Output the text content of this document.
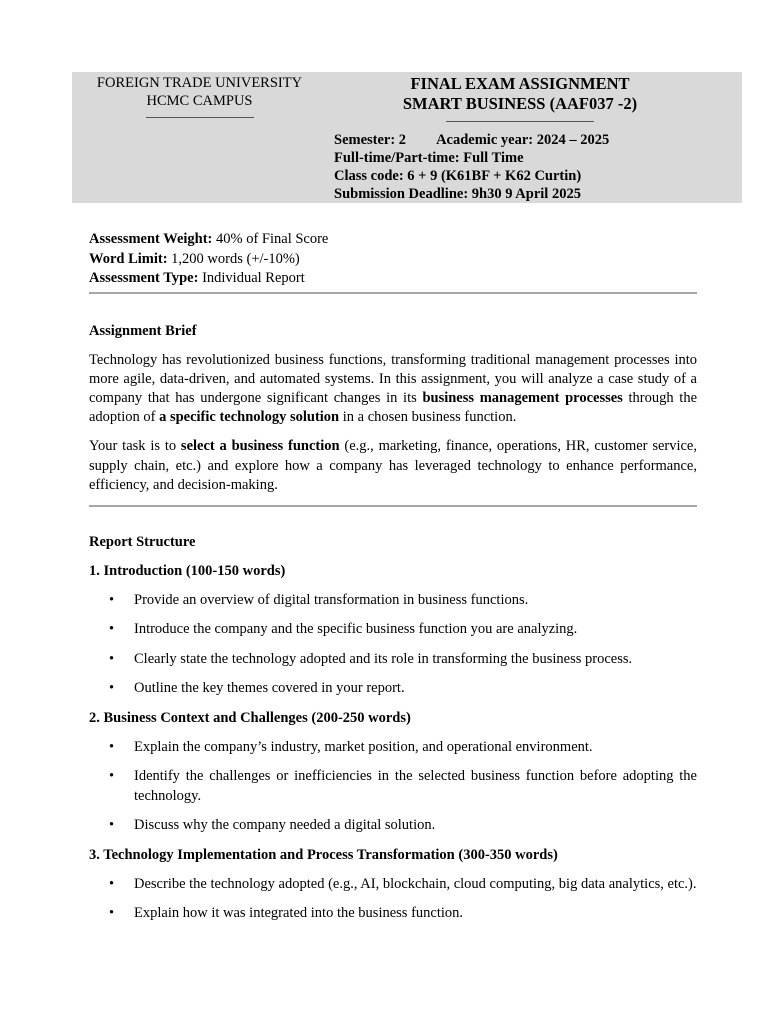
FOREIGN TRADE UNIVERSITY
HCMC CAMPUS
FINAL EXAM ASSIGNMENT
SMART BUSINESS (AAF037 -2)
Semester: 2 Academic year: 2024 – 2025
Full-time/Part-time: Full Time
Class code: 6 + 9 (K61BF + K62 Curtin)
Submission Deadline: 9h30 9 April 2025

Assessment Weight: 40% of Final Score

Word Limit: 1,200 words (+/-10%)

Assessment Type: Individual Report

Assignment Brief

Technology has revolutionized business functions, transforming traditional management processes into more agile, data-driven, and automated systems. In this assignment, you will analyze a case study of a company that has undergone significant changes in its business management processes through the adoption of a specific technology solution in a chosen business function.

Your task is to select a business function (e.g., marketing, finance, operations, HR, customer service, supply chain, etc.) and explore how a company has leveraged technology to enhance performance, efficiency, and decision-making.

Report Structure
1. Introduction (100-150 words)
• Provide an overview of digital transformation in business functions.
• Introduce the company and the specific business function you are analyzing.
• Clearly state the technology adopted and its role in transforming the business process.
• Outline the key themes covered in your report.
2. Business Context and Challenges (200-250 words)
• Explain the company’s industry, market position, and operational environment.
• Identify the challenges or inefficiencies in the selected business function before adopting the technology.
• Discuss why the company needed a digital solution.
3. Technology Implementation and Process Transformation (300-350 words)
• Describe the technology adopted (e.g., AI, blockchain, cloud computing, big data analytics, etc.).
• Explain how it was integrated into the business function.
